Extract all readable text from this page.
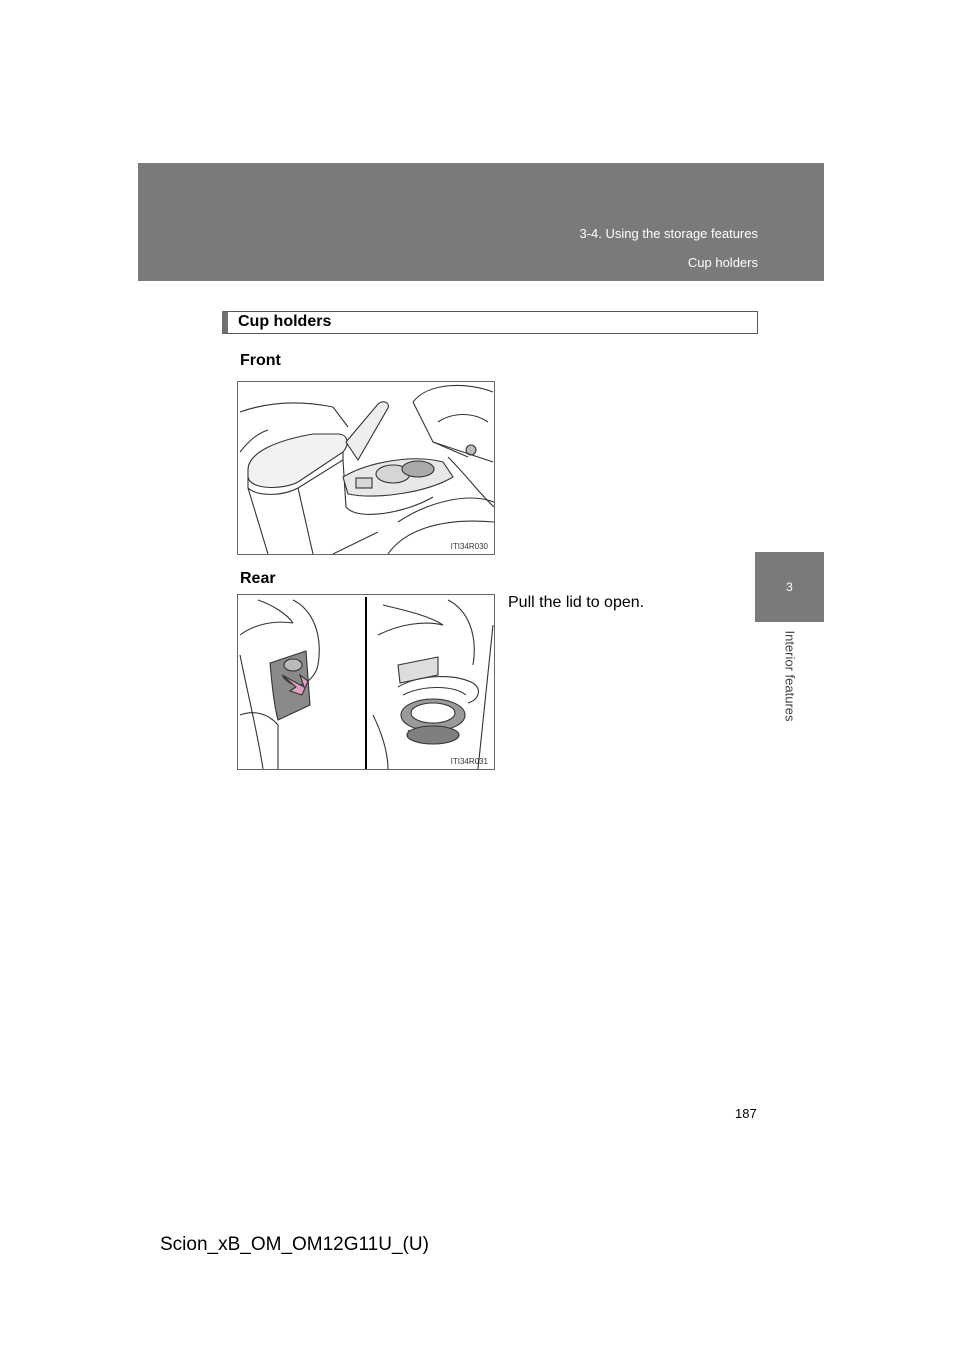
3-4. Using the storage features
Cup holders
3
Interior features
Cup holders
Front
ITI34R030
Rear
ITI34R031
Pull the lid to open.
187
Scion_xB_OM_OM12G11U_(U)
